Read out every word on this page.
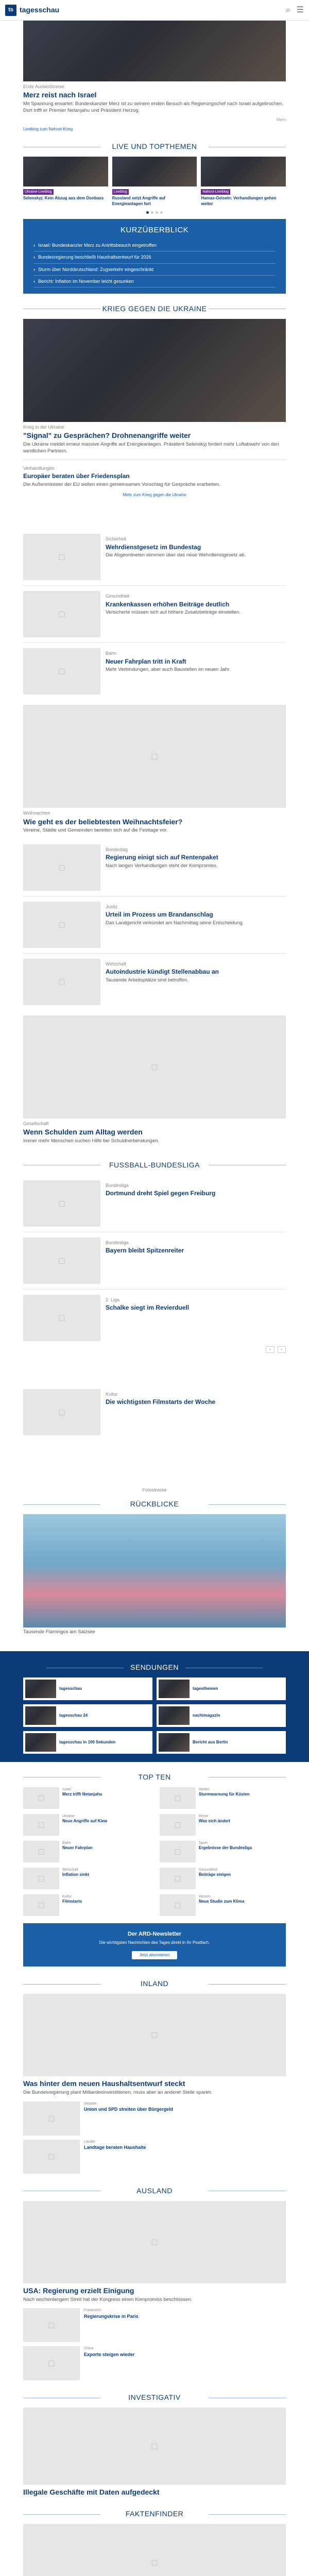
ts tagesschau	⌕ ☰
Erste Auslandsreise
Merz reist nach Israel
Mit Spannung erwartet: Bundeskanzler Merz ist zu seinem ersten Besuch als Regierungschef nach Israel aufgebrochen. Dort trifft er Premier Netanjahu und Präsident Herzog.
Mehr
Liveblog zum Nahost-Krieg
LIVE UND TOPTHEMEN
Ukraine-Liveblog
Selenskyj: Kein Abzug aus dem Donbass
Liveblog
Russland setzt Angriffe auf Energieanlagen fort
Nahost-Liveblog
Hamas-Geiseln: Verhandlungen gehen weiter
KURZÜBERBLICK
› Israel: Bundeskanzler Merz zu Antrittsbesuch eingetroffen
› Bundesregierung beschließt Haushaltsentwurf für 2026
› Sturm über Norddeutschland: Zugverkehr eingeschränkt
› Bericht: Inflation im November leicht gesunken
KRIEG GEGEN DIE UKRAINE
Krieg in der Ukraine
"Signal" zu Gesprächen? Drohnenangriffe weiter
Die Ukraine meldet erneut massive Angriffe auf Energieanlagen. Präsident Selenskyj fordert mehr Luftabwehr von den westlichen Partnern.
Verhandlungen
Europäer beraten über Friedensplan
Die Außenminister der EU wollen einen gemeinsamen Vorschlag für Gespräche erarbeiten.
Mehr zum Krieg gegen die Ukraine
□
Sicherheit
Wehrdienstgesetz im Bundestag
Die Abgeordneten stimmen über das neue Wehrdienstgesetz ab.
□
Gesundheit
Krankenkassen erhöhen Beiträge deutlich
Versicherte müssen sich auf höhere Zusatzbeiträge einstellen.
□
Bahn
Neuer Fahrplan tritt in Kraft
Mehr Verbindungen, aber auch Baustellen im neuen Jahr.
□
Weihnachten
Wie geht es der beliebtesten Weihnachtsfeier?
Vereine, Städte und Gemeinden bereiten sich auf die Festtage vor.
□
Bundestag
Regierung einigt sich auf Rentenpaket
Nach langen Verhandlungen steht der Kompromiss.
□
Justiz
Urteil im Prozess um Brandanschlag
Das Landgericht verkündet am Nachmittag seine Entscheidung.
□
Wirtschaft
Autoindustrie kündigt Stellenabbau an
Tausende Arbeitsplätze sind betroffen.
□
Gesellschaft
Wenn Schulden zum Alltag werden
Immer mehr Menschen suchen Hilfe bei Schuldnerberatungen.
FUSSBALL-BUNDESLIGA
□
Bundesliga
Dortmund dreht Spiel gegen Freiburg
□
Bundesliga
Bayern bleibt Spitzenreiter
□
2. Liga
Schalke siegt im Revierduell
‹	›
□
Kultur
Die wichtigsten Filmstarts der Woche
Fotostrecke
RÜCKBLICKE
Tausende Flamingos am Salzsee
SENDUNGEN
tagesschau	tagesthemen
tagesschau 24	nachtmagazin
tagesschau in 100 Sekunden	Bericht aus Berlin
TOP TEN
□
Israel
Merz trifft Netanjahu	□
Wetter
Sturmwarnung für Küsten
□
Ukraine
Neue Angriffe auf Kiew	□
Rente
Was sich ändert
□
Bahn
Neuer Fahrplan	□
Sport
Ergebnisse der Bundesliga
□
Wirtschaft
Inflation sinkt	□
Gesundheit
Beiträge steigen
□
Kultur
Filmstarts	□
Wissen
Neue Studie zum Klima
Der ARD-Newsletter
Die wichtigsten Nachrichten des Tages direkt in Ihr Postfach.
Jetzt abonnieren
INLAND
□
Was hinter dem neuen Haushaltsentwurf steckt
Die Bundesregierung plant Milliardeninvestitionen, muss aber an anderer Stelle sparen.
□
Debatte
Union und SPD streiten über Bürgergeld
□
Länder
Landtage beraten Haushalte
AUSLAND
□
USA: Regierung erzielt Einigung
Nach wochenlangem Streit hat der Kongress einen Kompromiss beschlossen.
□
Frankreich
Regierungskrise in Paris
□
China
Exporte steigen wieder
INVESTIGATIV
□
Illegale Geschäfte mit Daten aufgedeckt
FAKTENFINDER
□
